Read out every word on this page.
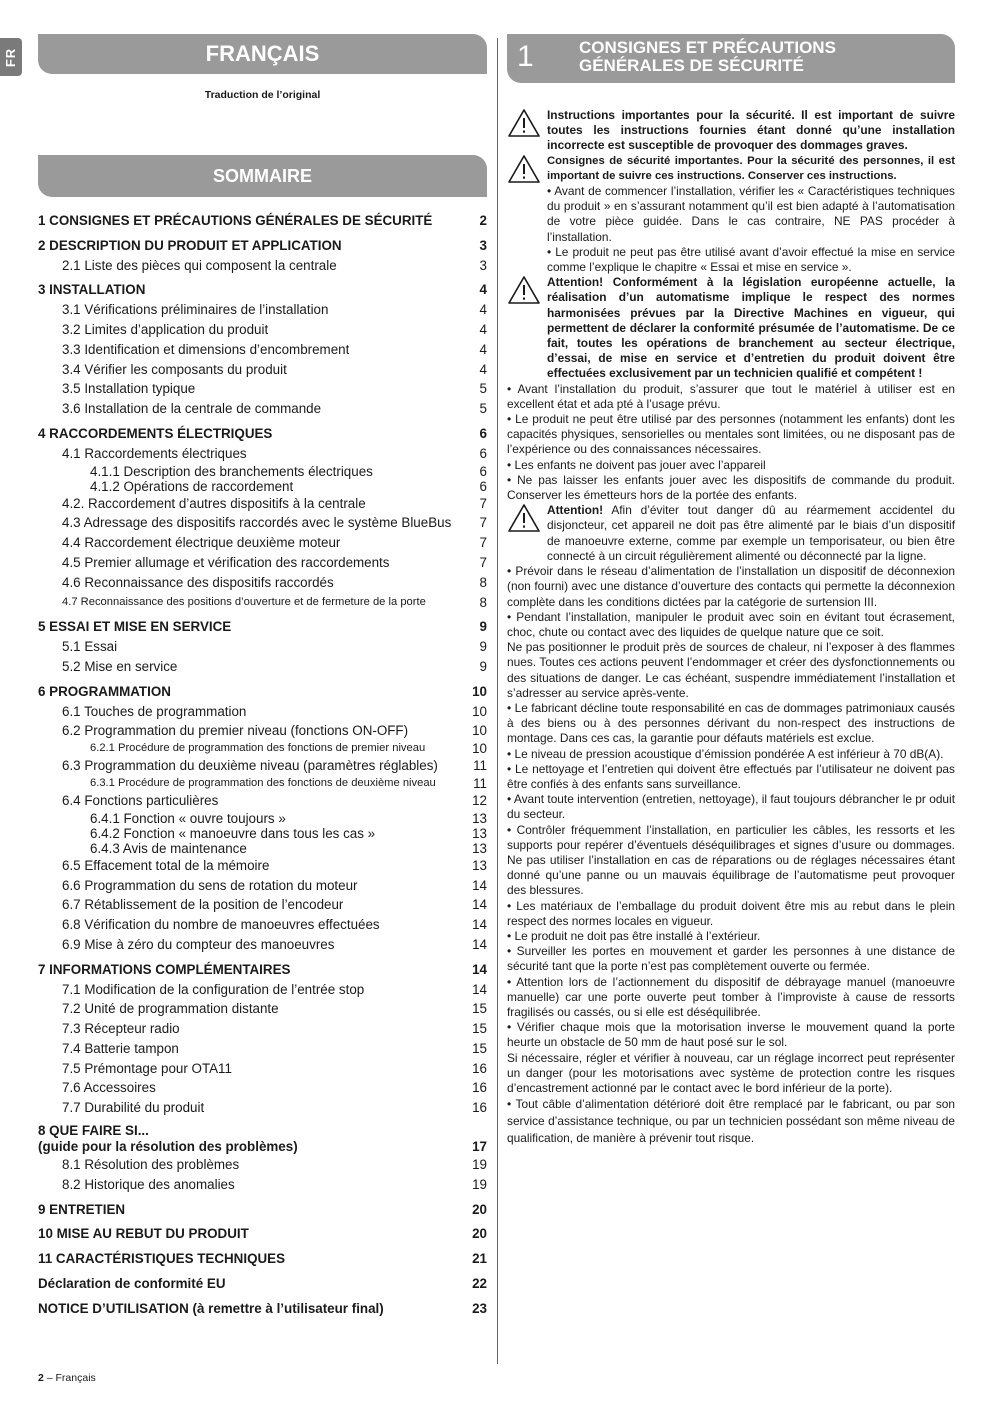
FR	FRANÇAIS
Traduction de l’original
SOMMAIRE
1 CONSIGNES ET PRÉCAUTIONS GÉNÉRALES DE SÉCURITÉ	2
2 DESCRIPTION DU PRODUIT ET APPLICATION	3
2.1 Liste des pièces qui composent la centrale	3
3 INSTALLATION	4
3.1 Vérifications préliminaires de l’installation	4
3.2 Limites d’application du produit	4
3.3 Identification et dimensions d’encombrement	4
3.4 Vérifier les composants du produit	4
3.5 Installation typique	5
3.6 Installation de la centrale de commande	5
4 RACCORDEMENTS ÉLECTRIQUES	6
4.1 Raccordements électriques	6
4.1.1 Description des branchements électriques	6
4.1.2 Opérations de raccordement	6
4.2. Raccordement d’autres dispositifs à la centrale	7
4.3 Adressage des dispositifs raccordés avec le système BlueBus	7
4.4 Raccordement électrique deuxième moteur	7
4.5 Premier allumage et vérification des raccordements	7
4.6 Reconnaissance des dispositifs raccordés	8
4.7 Reconnaissance des positions d’ouverture et de fermeture de la porte	8
5 ESSAI ET MISE EN SERVICE	9
5.1 Essai	9
5.2 Mise en service	9
6 PROGRAMMATION	10
6.1 Touches de programmation	10
6.2 Programmation du premier niveau (fonctions ON-OFF)	10
6.2.1 Procédure de programmation des fonctions de premier niveau	10
6.3 Programmation du deuxième niveau (paramètres réglables)	11
6.3.1 Procédure de programmation des fonctions de deuxième niveau	11
6.4 Fonctions particulières	12
6.4.1 Fonction « ouvre toujours »	13
6.4.2 Fonction « manoeuvre dans tous les cas »	13
6.4.3 Avis de maintenance	13
6.5 Effacement total de la mémoire	13
6.6 Programmation du sens de rotation du moteur	14
6.7 Rétablissement de la position de l’encodeur	14
6.8 Vérification du nombre de manoeuvres effectuées	14
6.9 Mise à zéro du compteur des manoeuvres	14
7 INFORMATIONS COMPLÉMENTAIRES	14
7.1 Modification de la configuration de l’entrée stop	14
7.2 Unité de programmation distante	15
7.3 Récepteur radio	15
7.4 Batterie tampon	15
7.5 Prémontage pour OTA11	16
7.6 Accessoires	16
7.7 Durabilité du produit	16
8 QUE FAIRE SI...
(guide pour la résolution des problèmes)	17
8.1 Résolution des problèmes	19
8.2 Historique des anomalies	19
9 ENTRETIEN	20
10 MISE AU REBUT DU PRODUIT	20
11 CARACTÉRISTIQUES TECHNIQUES	21
Déclaration de conformité EU	22
NOTICE D’UTILISATION (à remettre à l’utilisateur final)	23
2 – Français
1	CONSIGNES ET PRÉCAUTIONS
GÉNÉRALES DE SÉCURITÉ

Instructions importantes pour la sécurité. Il est important de suivre toutes les instructions fournies étant donné qu’une installation incorrecte est susceptible de provoquer des dommages graves.

Consignes de sécurité importantes. Pour la sécurité des personnes, il est important de suivre ces instructions. Conserver ces instructions.

• Avant de commencer l’installation, vérifier les « Caractéristiques techniques du produit » en s’assurant notamment qu’il est bien adapté à l’automatisation de votre pièce guidée. Dans le cas contraire, NE PAS procéder à l’installation.

• Le produit ne peut pas être utilisé avant d’avoir effectué la mise en service comme l’explique le chapitre « Essai et mise en service ».

Attention! Conformément à la législation européenne actuelle, la réalisation d’un automatisme implique le respect des normes harmonisées prévues par la Directive Machines en vigueur, qui permettent de déclarer la conformité présumée de l’automatisme. De ce fait, toutes les opérations de branchement au secteur électrique, d’essai, de mise en service et d’entretien du produit doivent être effectuées exclusivement par un technicien qualifié et compétent !

• Avant l’installation du produit, s’assurer que tout le matériel à utiliser est en excellent état et ada pté à l’usage prévu.

• Le produit ne peut être utilisé par des personnes (notamment les enfants) dont les capacités physiques, sensorielles ou mentales sont limitées, ou ne disposant pas de l’expérience ou des connaissances nécessaires.

• Les enfants ne doivent pas jouer avec l’appareil

• Ne pas laisser les enfants jouer avec les dispositifs de commande du produit. Conserver les émetteurs hors de la portée des enfants.

Attention! Afin d’éviter tout danger dû au réarmement accidentel du disjoncteur, cet appareil ne doit pas être alimenté par le biais d’un dispositif de manoeuvre externe, comme par exemple un temporisateur, ou bien être connecté à un circuit régulièrement alimenté ou déconnecté par la ligne.

• Prévoir dans le réseau d’alimentation de l’installation un dispositif de déconnexion (non fourni) avec une distance d’ouverture des contacts qui permette la déconnexion complète dans les conditions dictées par la catégorie de surtension III.

• Pendant l’installation, manipuler le produit avec soin en évitant tout écrasement, choc, chute ou contact avec des liquides de quelque nature que ce soit.

Ne pas positionner le produit près de sources de chaleur, ni l’exposer à des flammes nues. Toutes ces actions peuvent l’endommager et créer des dysfonctionnements ou des situations de danger. Le cas échéant, suspendre immédiatement l’installation et s’adresser au service après-vente.

• Le fabricant décline toute responsabilité en cas de dommages patrimoniaux causés à des biens ou à des personnes dérivant du non-respect des instructions de montage. Dans ces cas, la garantie pour défauts matériels est exclue.

• Le niveau de pression acoustique d’émission pondérée A est inférieur à 70 dB(A).

• Le nettoyage et l’entretien qui doivent être effectués par l’utilisateur ne doivent pas être confiés à des enfants sans surveillance.

• Avant toute intervention (entretien, nettoyage), il faut toujours débrancher le pr oduit du secteur.

• Contrôler fréquemment l’installation, en particulier les câbles, les ressorts et les supports pour repérer d’éventuels déséquilibrages et signes d’usure ou dommages. Ne pas utiliser l’installation en cas de réparations ou de réglages nécessaires étant donné qu’une panne ou un mauvais équilibrage de l’automatisme peut provoquer des blessures.

• Les matériaux de l’emballage du produit doivent être mis au rebut dans le plein respect des normes locales en vigueur.

• Le produit ne doit pas être installé à l’extérieur.

• Surveiller les portes en mouvement et garder les personnes à une distance de sécurité tant que la porte n’est pas complètement ouverte ou fermée.

• Attention lors de l’actionnement du dispositif de débrayage manuel (manoeuvre manuelle) car une porte ouverte peut tomber à l’improviste à cause de ressorts fragilisés ou cassés, ou si elle est déséquilibrée.

• Vérifier chaque mois que la motorisation inverse le mouvement quand la porte heurte un obstacle de 50 mm de haut posé sur le sol.

Si nécessaire, régler et vérifier à nouveau, car un réglage incorrect peut représenter un danger (pour les motorisations avec système de protection contre les risques d’encastrement actionné par le contact avec le bord inférieur de la porte).

• Tout câble d’alimentation détérioré doit être remplacé par le fabricant, ou par son service d’assistance technique, ou par un technicien possédant son même niveau de qualification, de manière à prévenir tout risque.
